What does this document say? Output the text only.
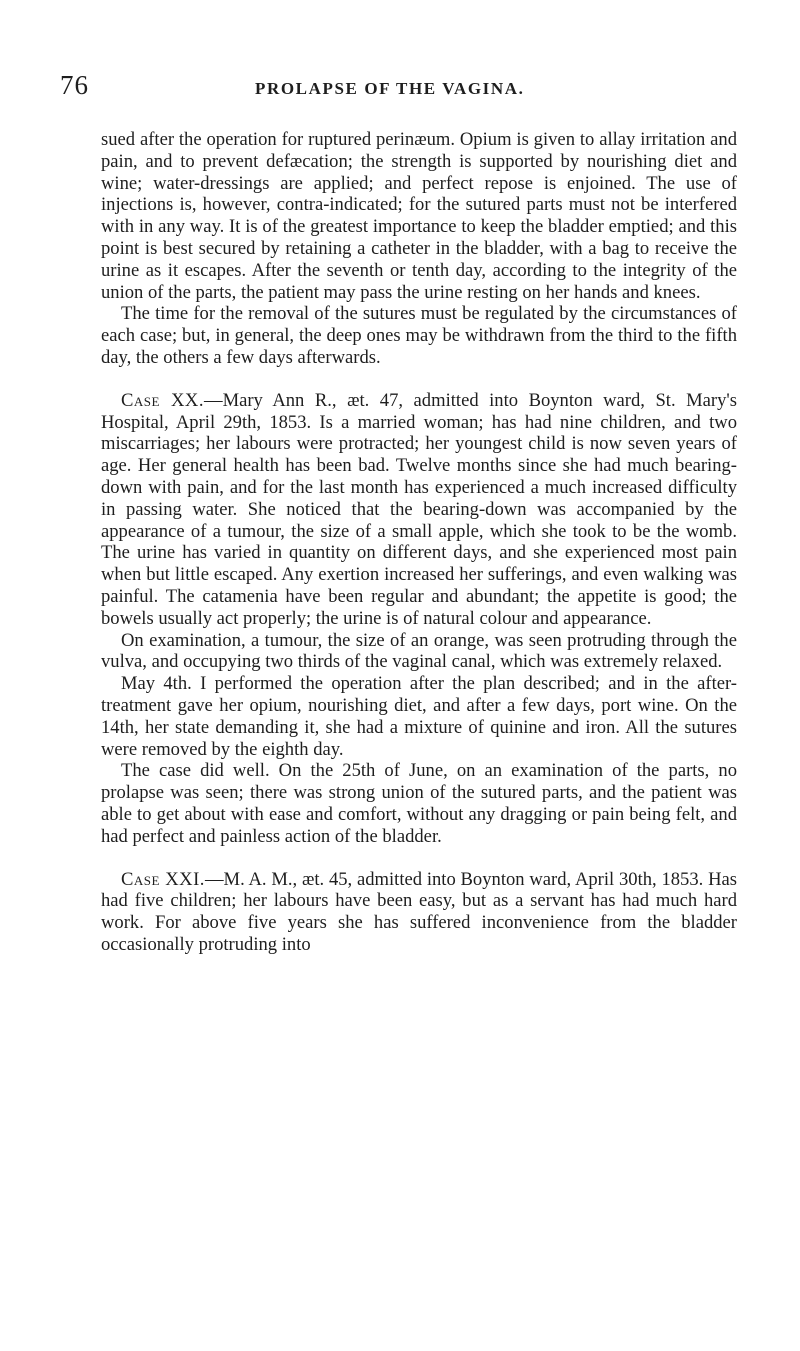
76	PROLAPSE OF THE VAGINA.

sued after the operation for ruptured perinæum. Opium is given to allay irritation and pain, and to prevent defæcation; the strength is supported by nourishing diet and wine; water-dressings are applied; and perfect repose is enjoined. The use of injections is, however, contra-indicated; for the sutured parts must not be interfered with in any way. It is of the greatest importance to keep the bladder emptied; and this point is best secured by retaining a catheter in the bladder, with a bag to receive the urine as it escapes. After the seventh or tenth day, according to the integrity of the union of the parts, the patient may pass the urine resting on her hands and knees.

The time for the removal of the sutures must be regulated by the circumstances of each case; but, in general, the deep ones may be withdrawn from the third to the fifth day, the others a few days afterwards.

Case XX.—Mary Ann R., æt. 47, admitted into Boynton ward, St. Mary's Hospital, April 29th, 1853. Is a married woman; has had nine children, and two miscarriages; her labours were protracted; her youngest child is now seven years of age. Her general health has been bad. Twelve months since she had much bearing-down with pain, and for the last month has experienced a much increased difficulty in passing water. She noticed that the bearing-down was accompanied by the appearance of a tumour, the size of a small apple, which she took to be the womb. The urine has varied in quantity on different days, and she experienced most pain when but little escaped. Any exertion increased her sufferings, and even walking was painful. The catamenia have been regular and abundant; the appetite is good; the bowels usually act properly; the urine is of natural colour and appearance.

On examination, a tumour, the size of an orange, was seen protruding through the vulva, and occupying two thirds of the vaginal canal, which was extremely relaxed.

May 4th. I performed the operation after the plan described; and in the after-treatment gave her opium, nourishing diet, and after a few days, port wine. On the 14th, her state demanding it, she had a mixture of quinine and iron. All the sutures were removed by the eighth day.

The case did well. On the 25th of June, on an examination of the parts, no prolapse was seen; there was strong union of the sutured parts, and the patient was able to get about with ease and comfort, without any dragging or pain being felt, and had perfect and painless action of the bladder.

Case XXI.—M. A. M., æt. 45, admitted into Boynton ward, April 30th, 1853. Has had five children; her labours have been easy, but as a servant has had much hard work. For above five years she has suffered inconvenience from the bladder occasionally protruding into
